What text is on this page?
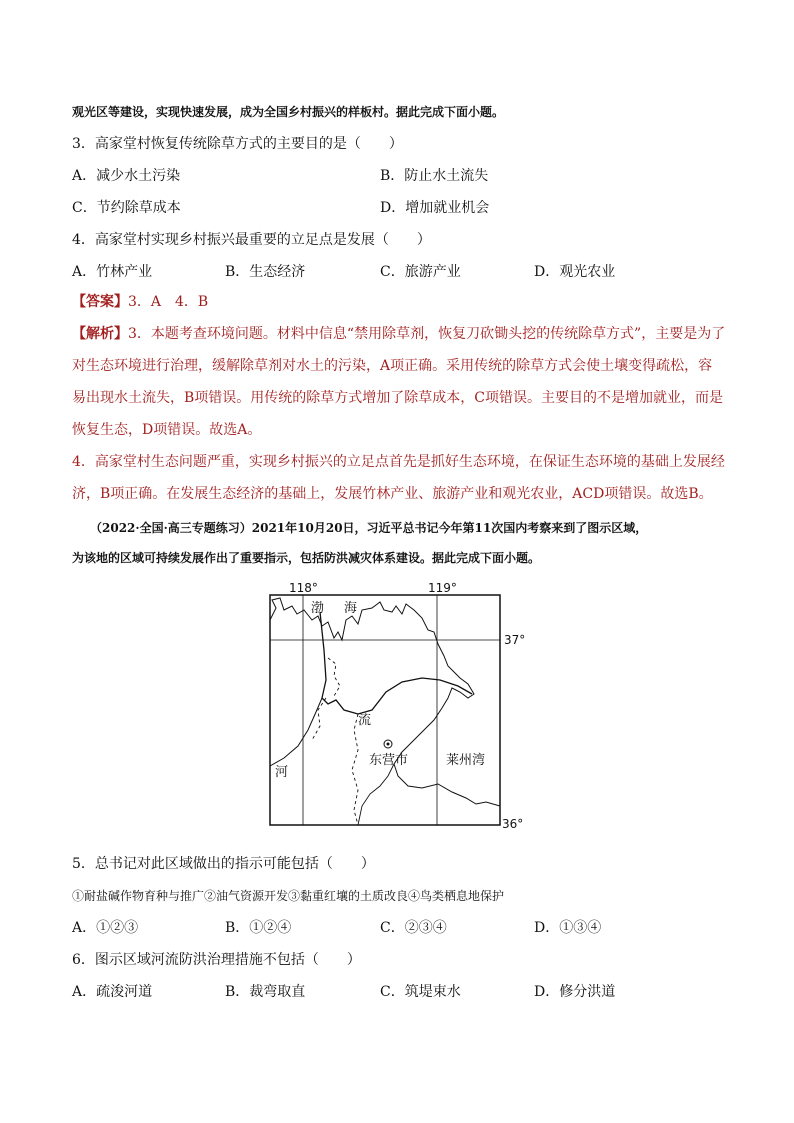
观光区等建设，实现快速发展，成为全国乡村振兴的样板村。据此完成下面小题。
3．高家堂村恢复传统除草方式的主要目的是（　　）
A．减少水土污染	B．防止水土流失
C．节约除草成本	D．增加就业机会
4．高家堂村实现乡村振兴最重要的立足点是发展（　　）
A．竹林产业	B．生态经济	C．旅游产业	D．观光农业
【答案】3．A　4．B
【解析】3．本题考查环境问题。材料中信息“禁用除草剂，恢复刀砍锄头挖的传统除草方式”，主要是为了
对生态环境进行治理，缓解除草剂对水土的污染，A项正确。采用传统的除草方式会使土壤变得疏松，容
易出现水土流失，B项错误。用传统的除草方式增加了除草成本，C项错误。主要目的不是增加就业，而是
恢复生态，D项错误。故选A。
4．高家堂村生态问题严重，实现乡村振兴的立足点首先是抓好生态环境，在保证生态环境的基础上发展经
济，B项正确。在发展生态经济的基础上，发展竹林产业、旅游产业和观光农业，ACD项错误。故选B。
（2022·全国·高三专题练习）2021年10月20日，习近平总书记今年第11次国内考察来到了图示区域，
为该地的区域可持续发展作出了重要指示，包括防洪减灾体系建设。据此完成下面小题。
118°	119°
37°
36°
渤 海
流
河
东营市	莱州湾
5．总书记对此区域做出的指示可能包括（　　）
①耐盐碱作物育种与推广②油气资源开发③黏重红壤的土质改良④鸟类栖息地保护
A．①②③	B．①②④	C．②③④	D．①③④
6．图示区域河流防洪治理措施不包括（　　）
A．疏浚河道	B．裁弯取直	C．筑堤束水	D．修分洪道
